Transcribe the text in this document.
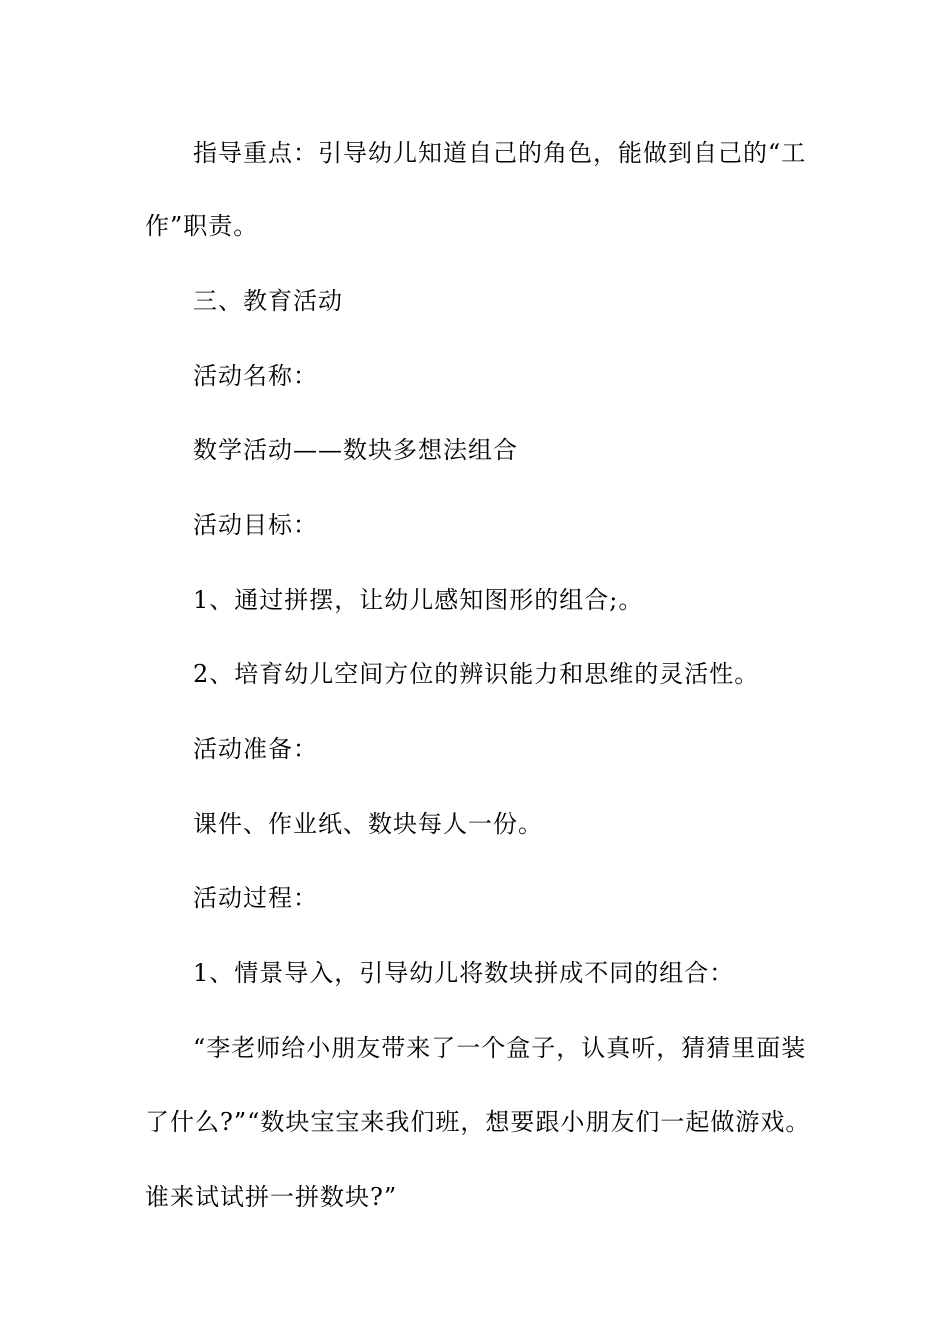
指导重点：引导幼儿知道自己的角色，能做到自己的“工
作”职责。
三、教育活动
活动名称：
数学活动——数块多想法组合
活动目标：
1、通过拼摆，让幼儿感知图形的组合;。
2、培育幼儿空间方位的辨识能力和思维的灵活性。
活动准备：
课件、作业纸、数块每人一份。
活动过程：
1、情景导入，引导幼儿将数块拼成不同的组合：
“李老师给小朋友带来了一个盒子，认真听，猜猜里面装
了什么?”“数块宝宝来我们班，想要跟小朋友们一起做游戏。
谁来试试拼一拼数块?”
